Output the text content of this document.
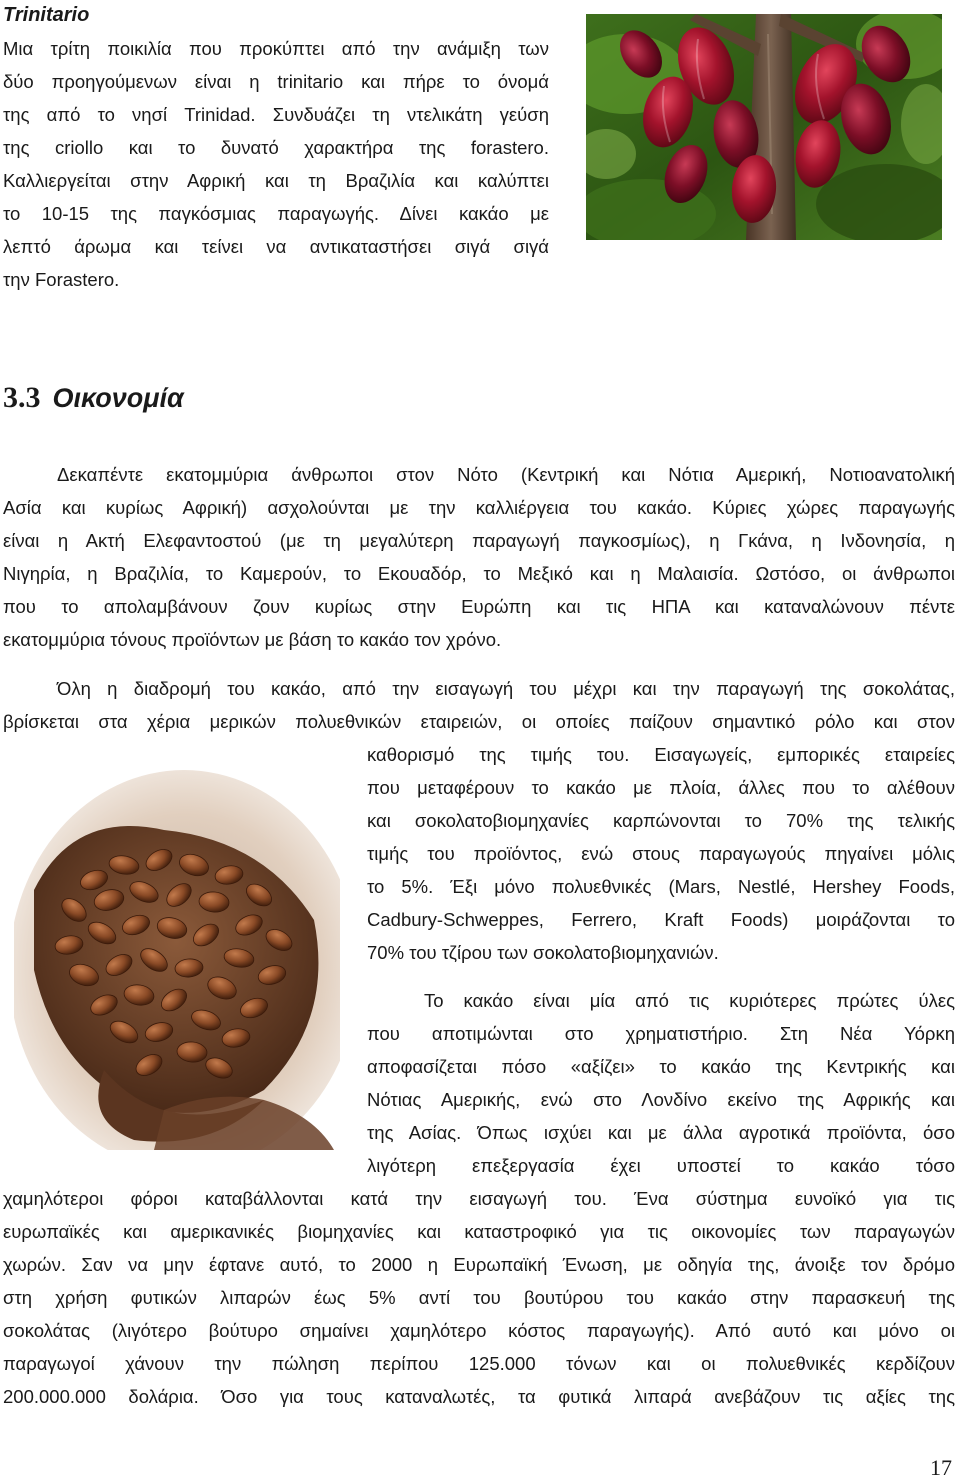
Trinitario
Μια τρίτη ποικιλία που προκύπτει από την ανάμιξη των
δύο προηγούμενων είναι η trinitario και πήρε το όνομά
της από το νησί Trinidad. Συνδυάζει τη ντελικάτη γεύση
της criollo και το δυνατό χαρακτήρα της forastero.
Καλλιεργείται στην Αφρική και τη Βραζιλία και καλύπτει
το 10-15 της παγκόσμιας παραγωγής. Δίνει κακάο με
λεπτό άρωμα και τείνει να αντικαταστήσει σιγά σιγά
την Forastero.
3.3 Οικονομία
Δεκαπέντε εκατομμύρια άνθρωποι στον Νότο (Κεντρική και Νότια Αμερική, Νοτιοανατολική
Ασία και κυρίως Αφρική) ασχολούνται με την καλλιέργεια του κακάο. Κύριες χώρες παραγωγής
είναι η Ακτή Ελεφαντοστού (με τη μεγαλύτερη παραγωγή παγκοσμίως), η Γκάνα, η Ινδονησία, η
Νιγηρία, η Βραζιλία, το Καμερούν, το Εκουαδόρ, το Μεξικό και η Μαλαισία. Ωστόσο, οι άνθρωποι
που το απολαμβάνουν ζουν κυρίως στην Ευρώπη και τις ΗΠΑ και καταναλώνουν πέντε
εκατομμύρια τόνους προϊόντων με βάση το κακάο τον χρόνο.
Όλη η διαδρομή του κακάο, από την εισαγωγή του μέχρι και την παραγωγή της σοκολάτας,
βρίσκεται στα χέρια μερικών πολυεθνικών εταιρειών, οι οποίες παίζουν σημαντικό ρόλο και στον
καθορισμό της τιμής του. Εισαγωγείς, εμπορικές εταιρείες
που μεταφέρουν το κακάο με πλοία, άλλες που το αλέθουν
και σοκολατοβιομηχανίες καρπώνονται το 70% της τελικής
τιμής του προϊόντος, ενώ στους παραγωγούς πηγαίνει μόλις
το 5%. Έξι μόνο πολυεθνικές (Mars, Nestlé, Hershey Foods,
Cadbury-Schweppes, Ferrero, Kraft Foods) μοιράζονται το
70% του τζίρου των σοκολατοβιομηχανιών.
Το κακάο είναι μία από τις κυριότερες πρώτες ύλες
που αποτιμώνται στο χρηματιστήριο. Στη Νέα Υόρκη
αποφασίζεται πόσο «αξίζει» το κακάο της Κεντρικής και
Νότιας Αμερικής, ενώ στο Λονδίνο εκείνο της Αφρικής και
της Ασίας. Όπως ισχύει και με άλλα αγροτικά προϊόντα, όσο
λιγότερη επεξεργασία έχει υποστεί το κακάο τόσο
χαμηλότεροι φόροι καταβάλλονται κατά την εισαγωγή του. Ένα σύστημα ευνοϊκό για τις
ευρωπαϊκές και αμερικανικές βιομηχανίες και καταστροφικό για τις οικονομίες των παραγωγών
χωρών. Σαν να μην έφτανε αυτό, το 2000 η Ευρωπαϊκή Ένωση, με οδηγία της, άνοιξε τον δρόμο
στη χρήση φυτικών λιπαρών έως 5% αντί του βουτύρου του κακάο στην παρασκευή της
σοκολάτας (λιγότερο βούτυρο σημαίνει χαμηλότερο κόστος παραγωγής). Από αυτό και μόνο οι
παραγωγοί χάνουν την πώληση περίπου 125.000 τόνων και οι πολυεθνικές κερδίζουν
200.000.000 δολάρια. Όσο για τους καταναλωτές, τα φυτικά λιπαρά ανεβάζουν τις αξίες της
17
